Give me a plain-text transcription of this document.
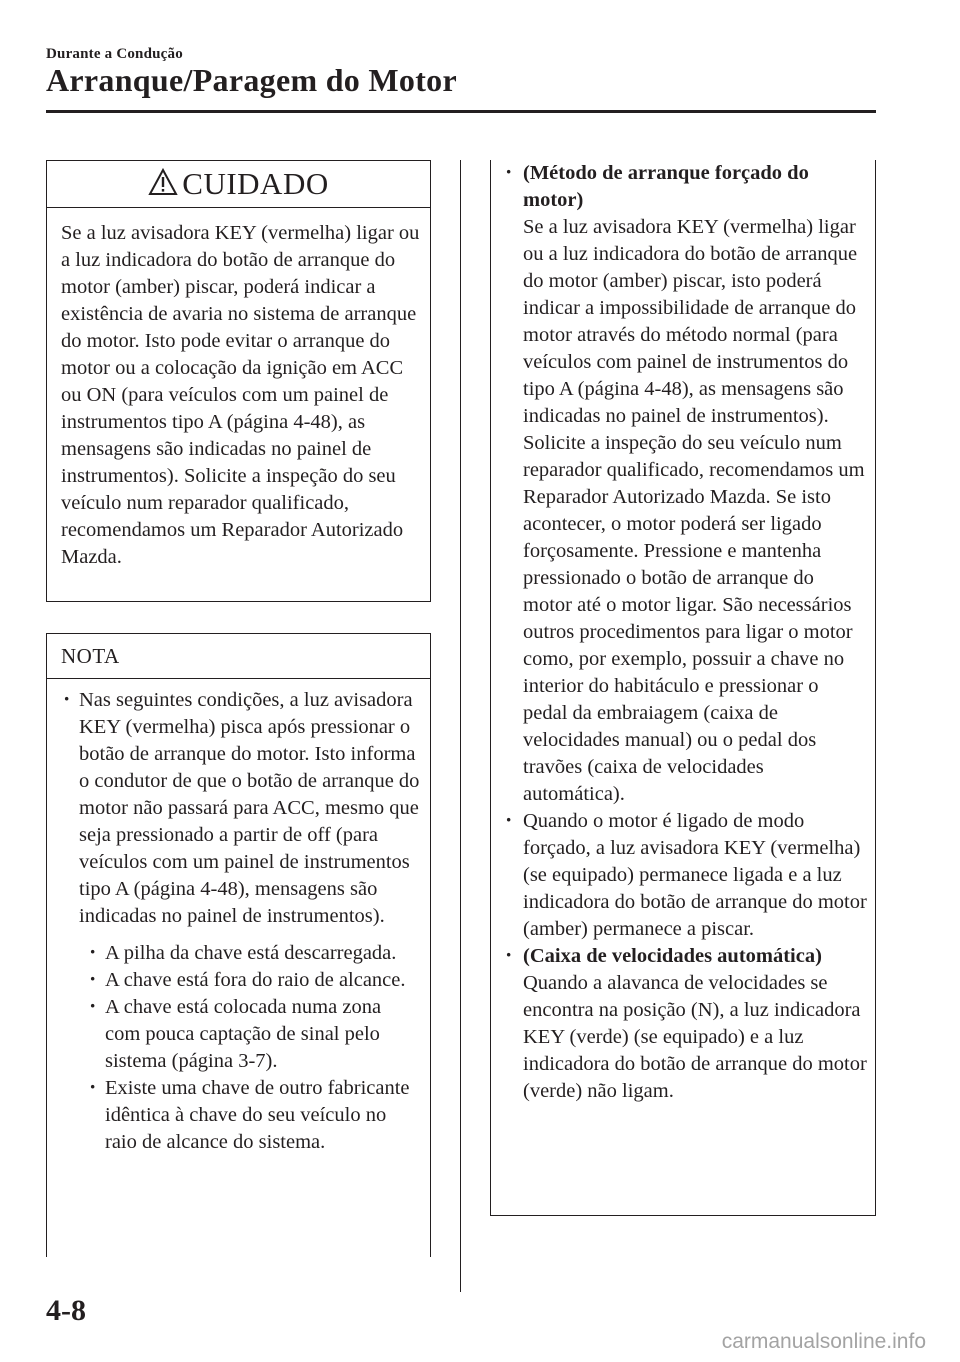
Durante a Condução
Arranque/Paragem do Motor
CUIDADO

Se a luz avisadora KEY (vermelha) ligar ou a luz indicadora do botão de arranque do motor (amber) piscar, poderá indicar a existência de avaria no sistema de arranque do motor. Isto pode evitar o arranque do motor ou a colocação da ignição em ACC ou ON (para veículos com um painel de instrumentos tipo A (página 4-48), as mensagens são indicadas no painel de instrumentos). Solicite a inspeção do seu veículo num reparador qualificado, recomendamos um Reparador Autorizado Mazda.

NOTA

· Nas seguintes condições, a luz avisadora KEY (vermelha) pisca após pressionar o botão de arranque do motor. Isto informa o condutor de que o botão de arranque do motor não passará para ACC, mesmo que seja pressionado a partir de off (para veículos com um painel de instrumentos tipo A (página 4-48), mensagens são indicadas no painel de instrumentos).

· A pilha da chave está descarregada.

· A chave está fora do raio de alcance.

· A chave está colocada numa zona com pouca captação de sinal pelo sistema (página 3-7).

· Existe uma chave de outro fabricante idêntica à chave do seu veículo no raio de alcance do sistema.

· (Método de arranque forçado do motor)

Se a luz avisadora KEY (vermelha) ligar ou a luz indicadora do botão de arranque do motor (amber) piscar, isto poderá indicar a impossibilidade de arranque do motor através do método normal (para veículos com painel de instrumentos do tipo A (página 4-48), as mensagens são indicadas no painel de instrumentos). Solicite a inspeção do seu veículo num reparador qualificado, recomendamos um Reparador Autorizado Mazda. Se isto acontecer, o motor poderá ser ligado forçosamente. Pressione e mantenha pressionado o botão de arranque do motor até o motor ligar. São necessários outros procedimentos para ligar o motor como, por exemplo, possuir a chave no interior do habitáculo e pressionar o pedal da embraiagem (caixa de velocidades manual) ou o pedal dos travões (caixa de velocidades automática).

· Quando o motor é ligado de modo forçado, a luz avisadora KEY (vermelha) (se equipado) permanece ligada e a luz indicadora do botão de arranque do motor (amber) permanece a piscar.

· (Caixa de velocidades automática)

Quando a alavanca de velocidades se encontra na posição (N), a luz indicadora KEY (verde) (se equipado) e a luz indicadora do botão de arranque do motor (verde) não ligam.

4-8
carmanualsonline.info
